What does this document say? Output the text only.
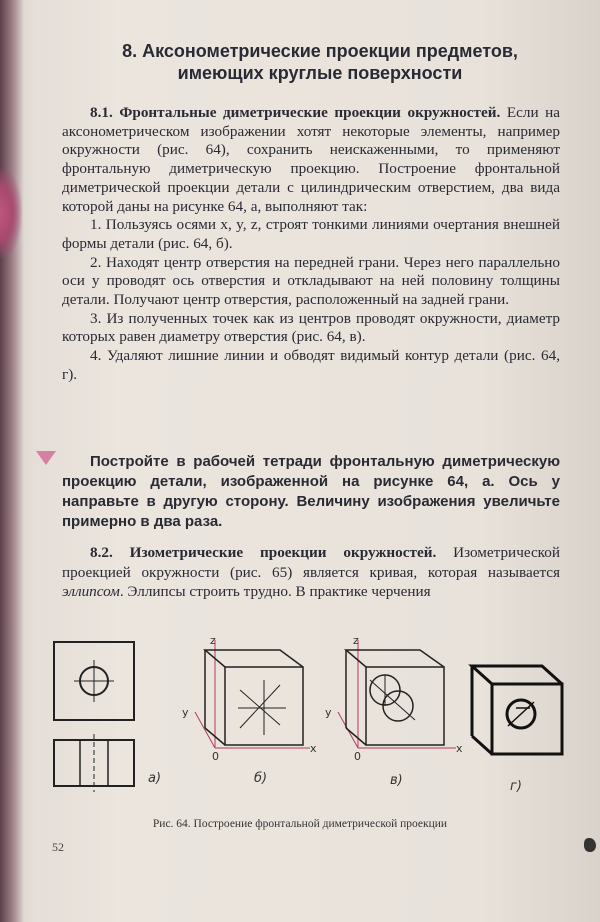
8. Аксонометрические проекции предметов,
имеющих круглые поверхности

8.1. Фронтальные диметрические проекции окружностей. Если на аксонометрическом изображении хотят некоторые элементы, например окружности (рис. 64), сохранить неискаженными, то применяют фронтальную диметрическую проекцию. Построение фронтальной диметрической проекции детали с цилиндрическим отверстием, два вида которой даны на рисунке 64, а, выполняют так:

1. Пользуясь осями x, y, z, строят тонкими линиями очертания внешней формы детали (рис. 64, б).

2. Находят центр отверстия на передней грани. Через него параллельно оси y проводят ось отверстия и откладывают на ней половину толщины детали. Получают центр отверстия, расположенный на задней грани.

3. Из полученных точек как из центров проводят окружности, диаметр которых равен диаметру отверстия (рис. 64, в).

4. Удаляют лишние линии и обводят видимый контур детали (рис. 64, г).

Постройте в рабочей тетради фронтальную диметрическую проекцию детали, изображенной на рисунке 64, а. Ось y направьте в другую сторону. Величину изображения увеличьте примерно в два раза.
8.2. Изометрические проекции окружностей. Изометрической проекцией окружности (рис. 65) является кривая, которая называется эллипсом. Эллипсы строить трудно. В практике черчения
z
y
x
0
z
y
x
0
а)	б)	в)	г)
Рис. 64. Построение фронтальной диметрической проекции
52
